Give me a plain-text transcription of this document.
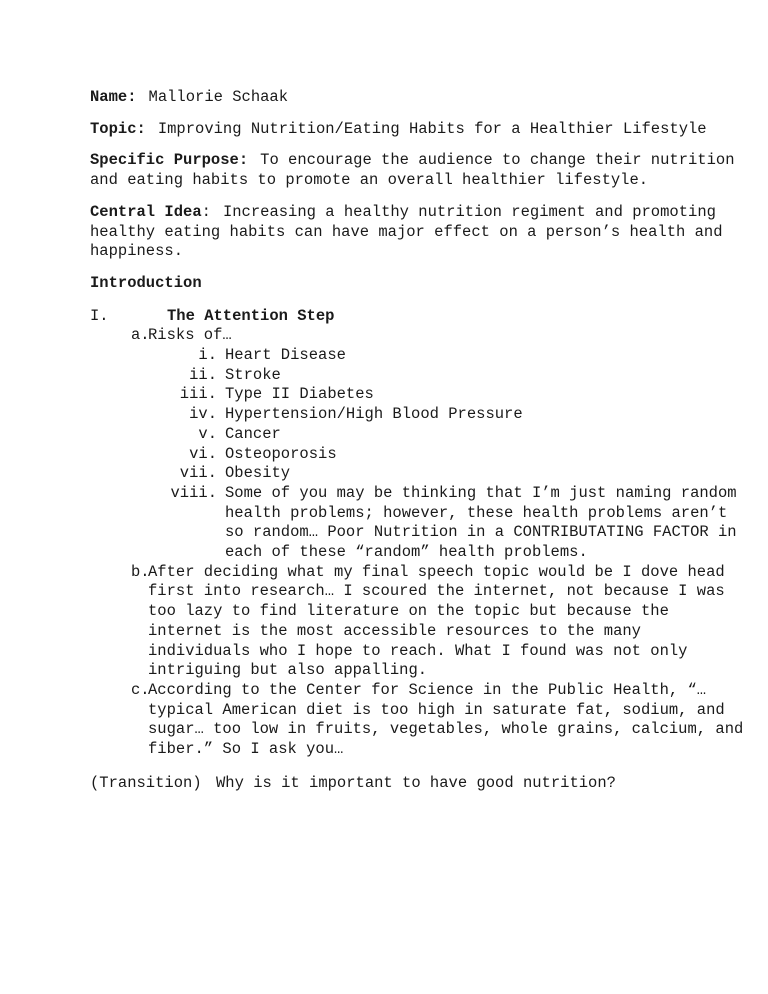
Name: Mallorie Schaak

Topic: Improving Nutrition/Eating Habits for a Healthier Lifestyle

Specific Purpose: To encourage the audience to change their nutrition and eating habits to promote an overall healthier lifestyle.

Central Idea: Increasing a healthy nutrition regiment and promoting healthy eating habits can have major effect on a person’s health and happiness.

Introduction

I.	The Attention Step
a.
Risks of…
i. Heart Disease
ii. Stroke
iii. Type II Diabetes
iv. Hypertension/High Blood Pressure
v. Cancer
vi. Osteoporosis
vii. Obesity
viii. Some of you may be thinking that I’m just naming random health problems; however, these health problems aren’t so random… Poor Nutrition in a CONTRIBUTATING FACTOR in each of these “random” health problems.
b.
After deciding what my final speech topic would be I dove head first into research… I scoured the internet, not because I was too lazy to find literature on the topic but because the internet is the most accessible resources to the many individuals who I hope to reach. What I found was not only intriguing but also appalling.
c.
According to the Center for Science in the Public Health, “…typical American diet is too high in saturate fat, sodium, and sugar… too low in fruits, vegetables, whole grains, calcium, and fiber.” So I ask you…

(Transition) Why is it important to have good nutrition?
